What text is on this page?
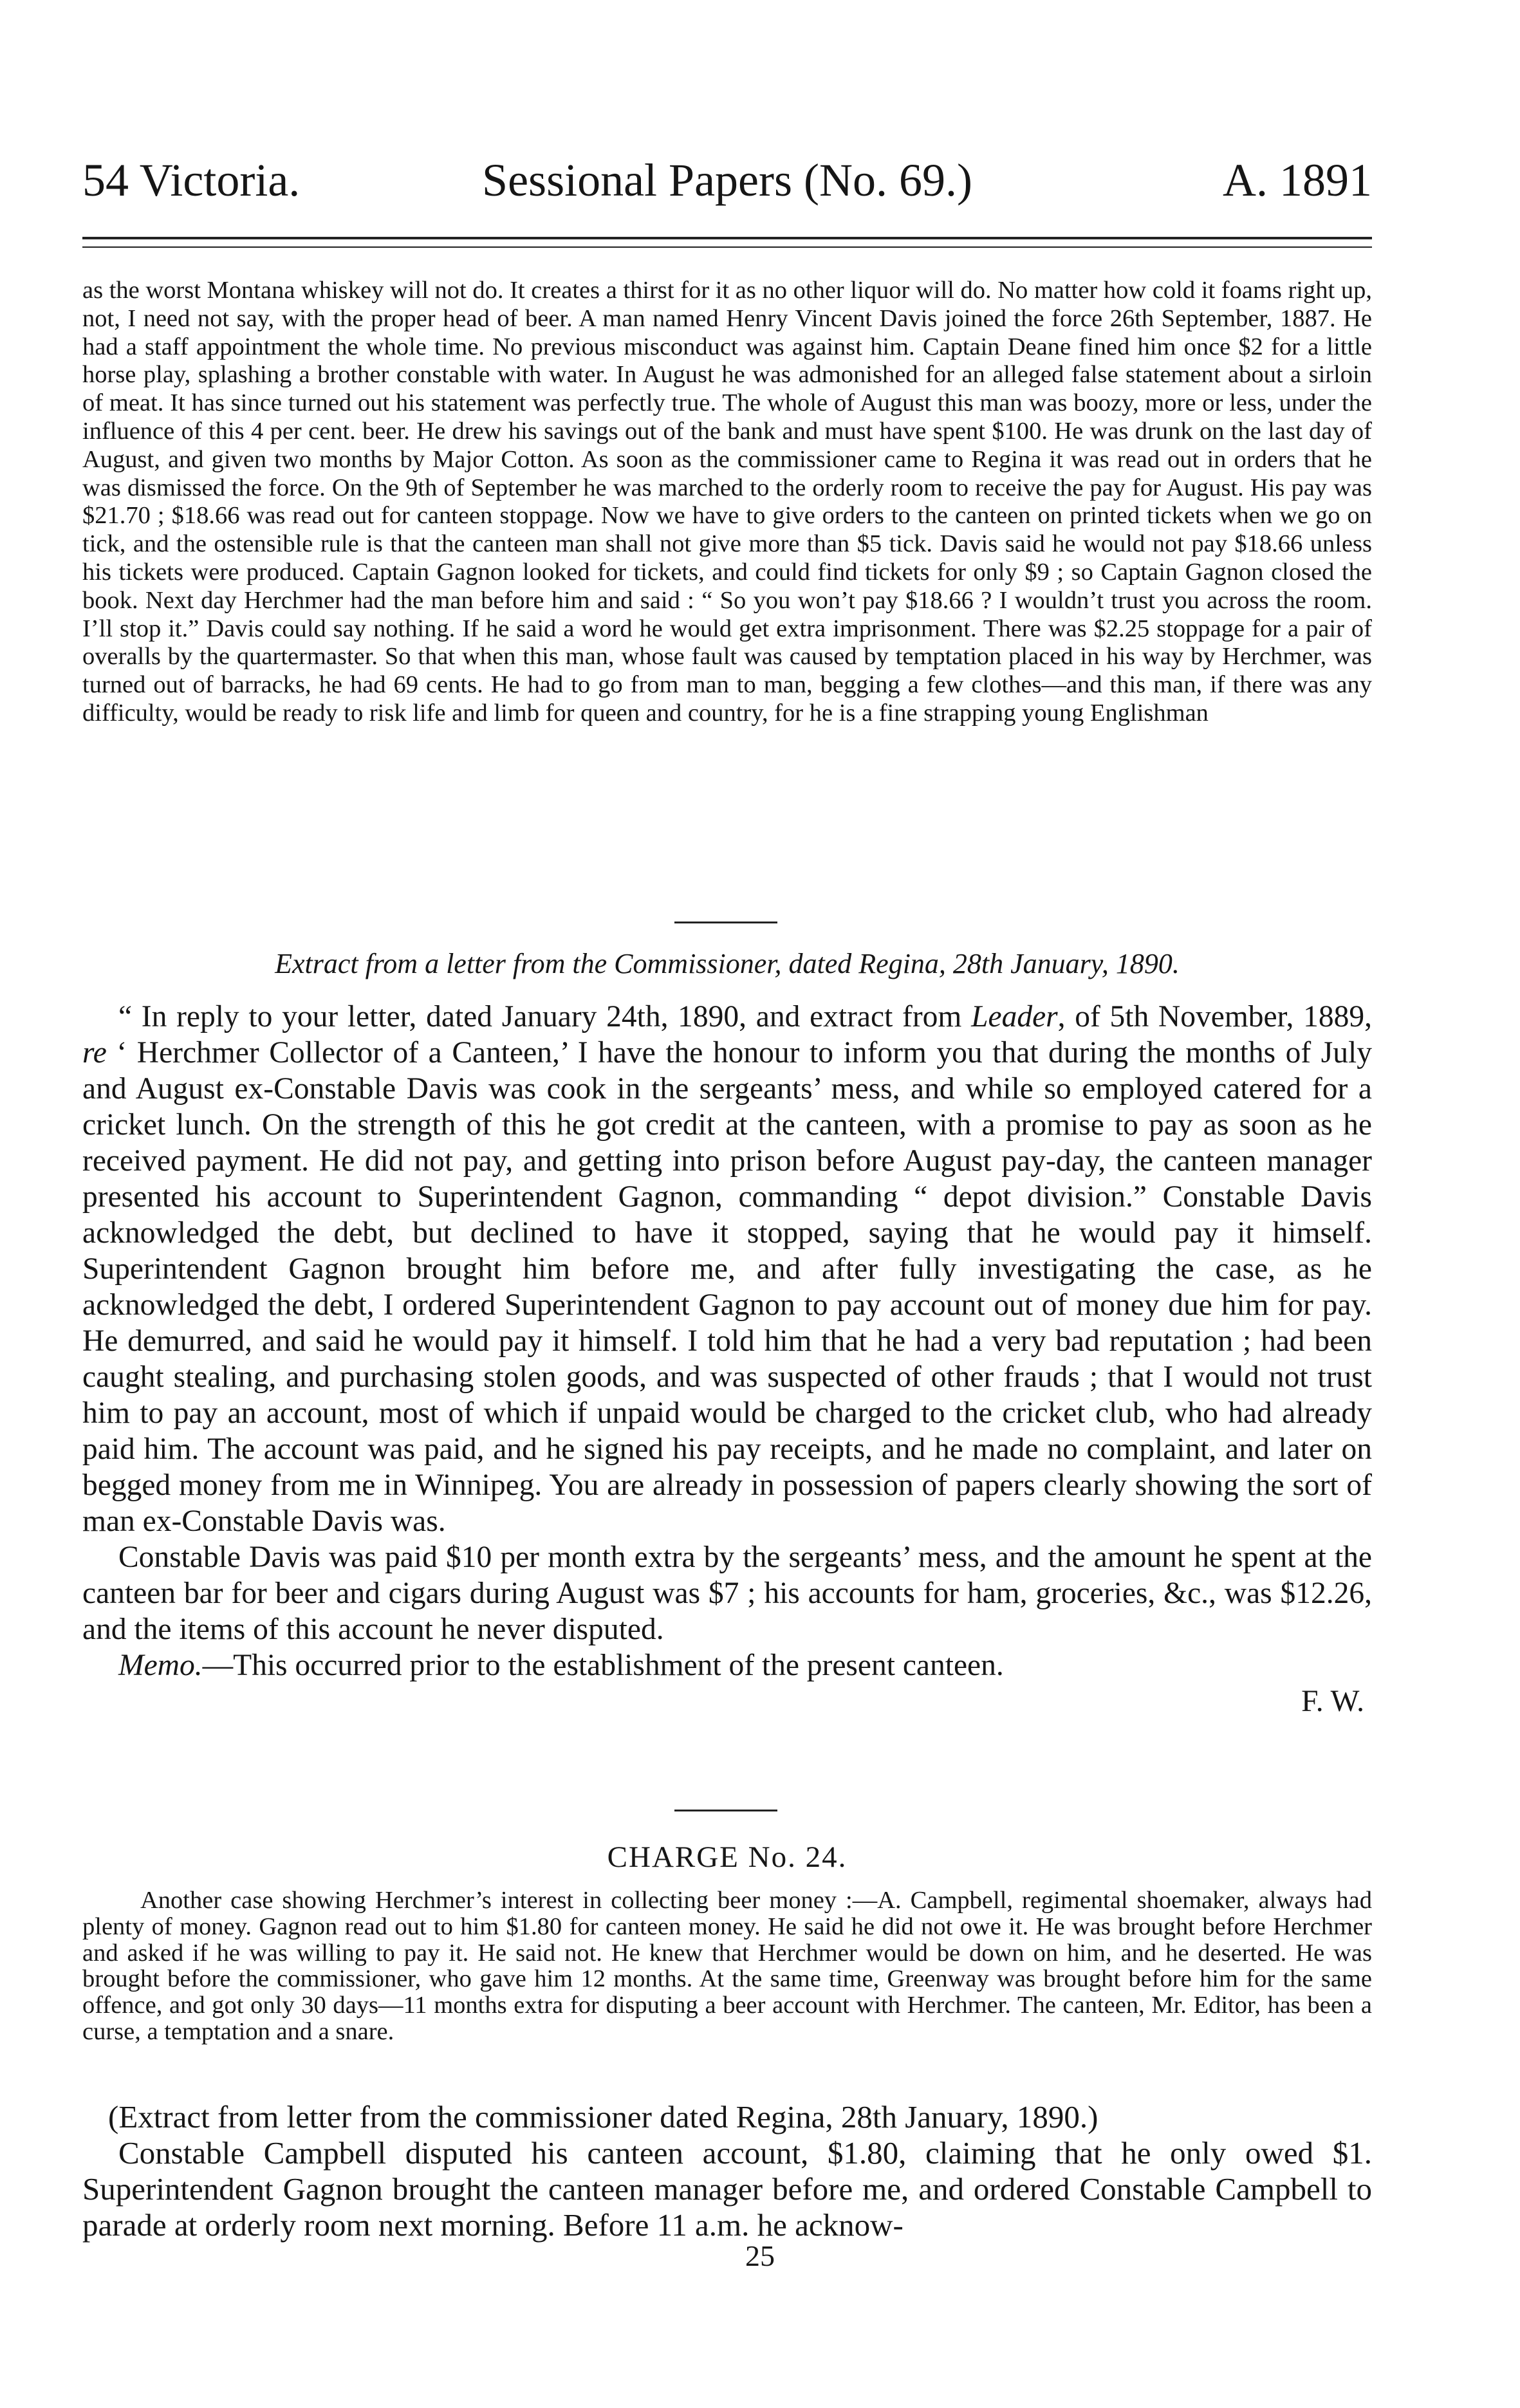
54 Victoria.	Sessional Papers (No. 69.)	A. 1891

as the worst Montana whiskey will not do. It creates a thirst for it as no other liquor will do. No matter how cold it foams right up, not, I need not say, with the proper head of beer. A man named Henry Vincent Davis joined the force 26th September, 1887. He had a staff appointment the whole time. No previous misconduct was against him. Captain Deane fined him once $2 for a little horse play, splashing a brother constable with water. In August he was admonished for an alleged false statement about a sirloin of meat. It has since turned out his statement was perfectly true. The whole of August this man was boozy, more or less, under the influence of this 4 per cent. beer. He drew his savings out of the bank and must have spent $100. He was drunk on the last day of August, and given two months by Major Cotton. As soon as the commissioner came to Regina it was read out in orders that he was dismissed the force. On the 9th of September he was marched to the orderly room to receive the pay for August. His pay was $21.70 ; $18.66 was read out for canteen stoppage. Now we have to give orders to the canteen on printed tickets when we go on tick, and the ostensible rule is that the canteen man shall not give more than $5 tick. Davis said he would not pay $18.66 unless his tickets were produced. Captain Gagnon looked for tickets, and could find tickets for only $9 ; so Captain Gagnon closed the book. Next day Herchmer had the man before him and said : “ So you won’t pay $18.66 ? I wouldn’t trust you across the room. I’ll stop it.” Davis could say nothing. If he said a word he would get extra imprisonment. There was $2.25 stoppage for a pair of overalls by the quartermaster. So that when this man, whose fault was caused by temptation placed in his way by Herchmer, was turned out of barracks, he had 69 cents. He had to go from man to man, begging a few clothes—and this man, if there was any difficulty, would be ready to risk life and limb for queen and country, for he is a fine strapping young Englishman

Extract from a letter from the Commissioner, dated Regina, 28th January, 1890.

“ In reply to your letter, dated January 24th, 1890, and extract from Leader, of 5th November, 1889, re ‘ Herchmer Collector of a Canteen,’ I have the honour to inform you that during the months of July and August ex-Constable Davis was cook in the sergeants’ mess, and while so employed catered for a cricket lunch. On the strength of this he got credit at the canteen, with a promise to pay as soon as he received payment. He did not pay, and getting into prison before August pay-day, the canteen manager presented his account to Superintendent Gagnon, commanding “ depot division.” Constable Davis acknowledged the debt, but declined to have it stopped, saying that he would pay it himself. Superintendent Gagnon brought him before me, and after fully investigating the case, as he acknowledged the debt, I ordered Superintendent Gagnon to pay account out of money due him for pay. He demurred, and said he would pay it himself. I told him that he had a very bad reputation ; had been caught stealing, and purchasing stolen goods, and was suspected of other frauds ; that I would not trust him to pay an account, most of which if unpaid would be charged to the cricket club, who had already paid him. The account was paid, and he signed his pay receipts, and he made no complaint, and later on begged money from me in Winnipeg. You are already in possession of papers clearly showing the sort of man ex-Constable Davis was.

Constable Davis was paid $10 per month extra by the sergeants’ mess, and the amount he spent at the canteen bar for beer and cigars during August was $7 ; his accounts for ham, groceries, &c., was $12.26, and the items of this account he never disputed.

Memo.—This occurred prior to the establishment of the present canteen.

F. W.

CHARGE No. 24.

Another case showing Herchmer’s interest in collecting beer money :—A. Campbell, regimental shoemaker, always had plenty of money. Gagnon read out to him $1.80 for canteen money. He said he did not owe it. He was brought before Herchmer and asked if he was willing to pay it. He said not. He knew that Herchmer would be down on him, and he deserted. He was brought before the commissioner, who gave him 12 months. At the same time, Greenway was brought before him for the same offence, and got only 30 days—11 months extra for disputing a beer account with Herchmer. The canteen, Mr. Editor, has been a curse, a temptation and a snare.

(Extract from letter from the commissioner dated Regina, 28th January, 1890.)

Constable Campbell disputed his canteen account, $1.80, claiming that he only owed $1. Superintendent Gagnon brought the canteen manager before me, and ordered Constable Campbell to parade at orderly room next morning. Before 11 a.m. he acknow-

25
